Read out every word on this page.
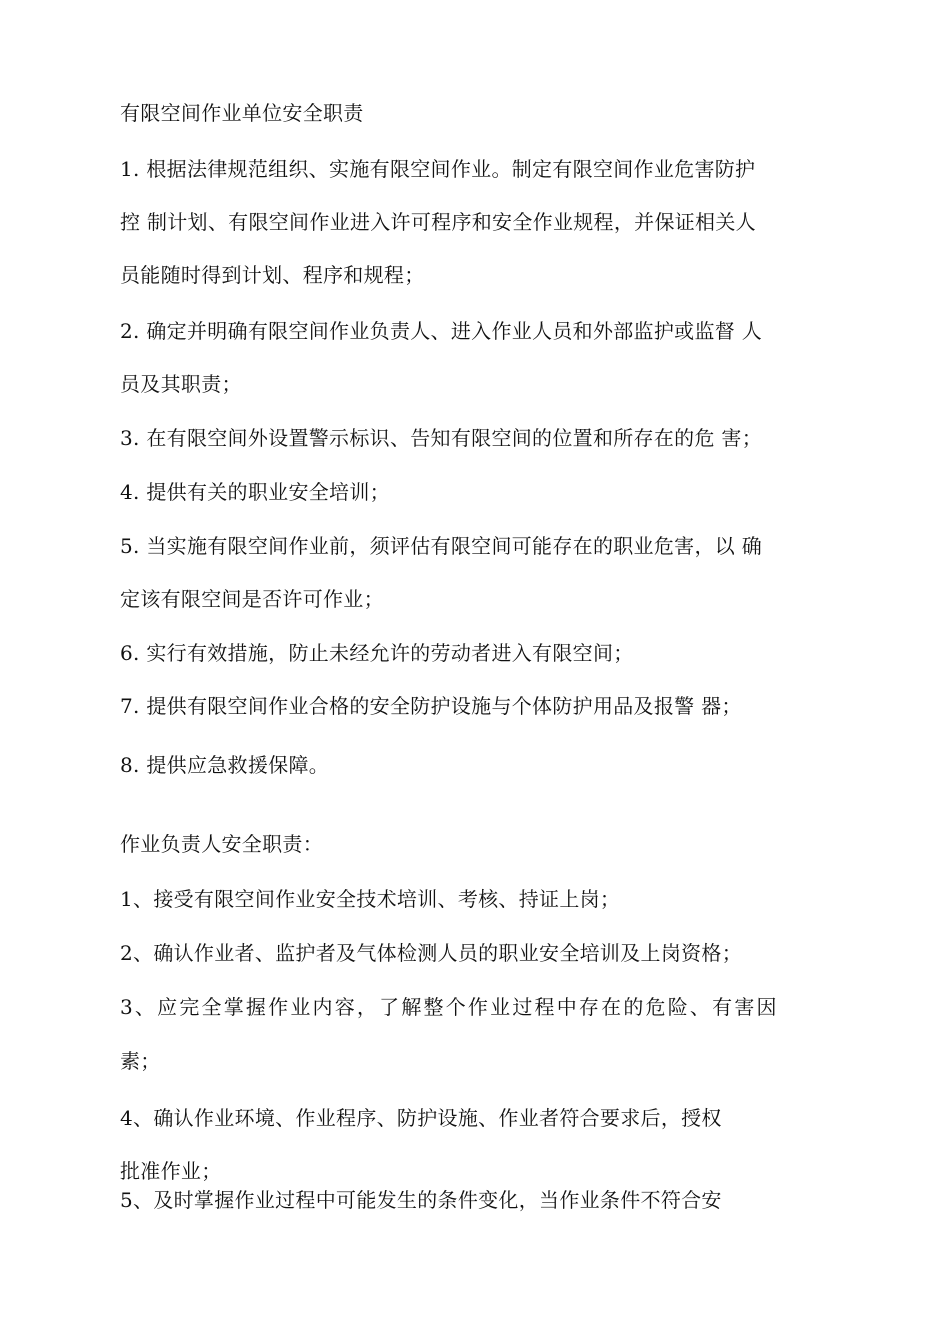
有限空间作业单位安全职责
1. 根据法律规范组织、实施有限空间作业。制定有限空间作业危害防护
控 制计划、有限空间作业进入许可程序和安全作业规程，并保证相关人
员能随时得到计划、程序和规程；
2. 确定并明确有限空间作业负责人、进入作业人员和外部监护或监督 人
员及其职责；
3. 在有限空间外设置警示标识、告知有限空间的位置和所存在的危 害；
4. 提供有关的职业安全培训；
5. 当实施有限空间作业前，须评估有限空间可能存在的职业危害，以 确
定该有限空间是否许可作业；
6. 实行有效措施，防止未经允许的劳动者进入有限空间；
7. 提供有限空间作业合格的安全防护设施与个体防护用品及报警 器；
8. 提供应急救援保障。
作业负责人安全职责：
1、接受有限空间作业安全技术培训、考核、持证上岗；
2、确认作业者、监护者及气体检测人员的职业安全培训及上岗资格；
3、应完全掌握作业内容，了解整个作业过程中存在的危险、有害因
素；
4、确认作业环境、作业程序、防护设施、作业者符合要求后，授权
批准作业；
5、及时掌握作业过程中可能发生的条件变化，当作业条件不符合安
